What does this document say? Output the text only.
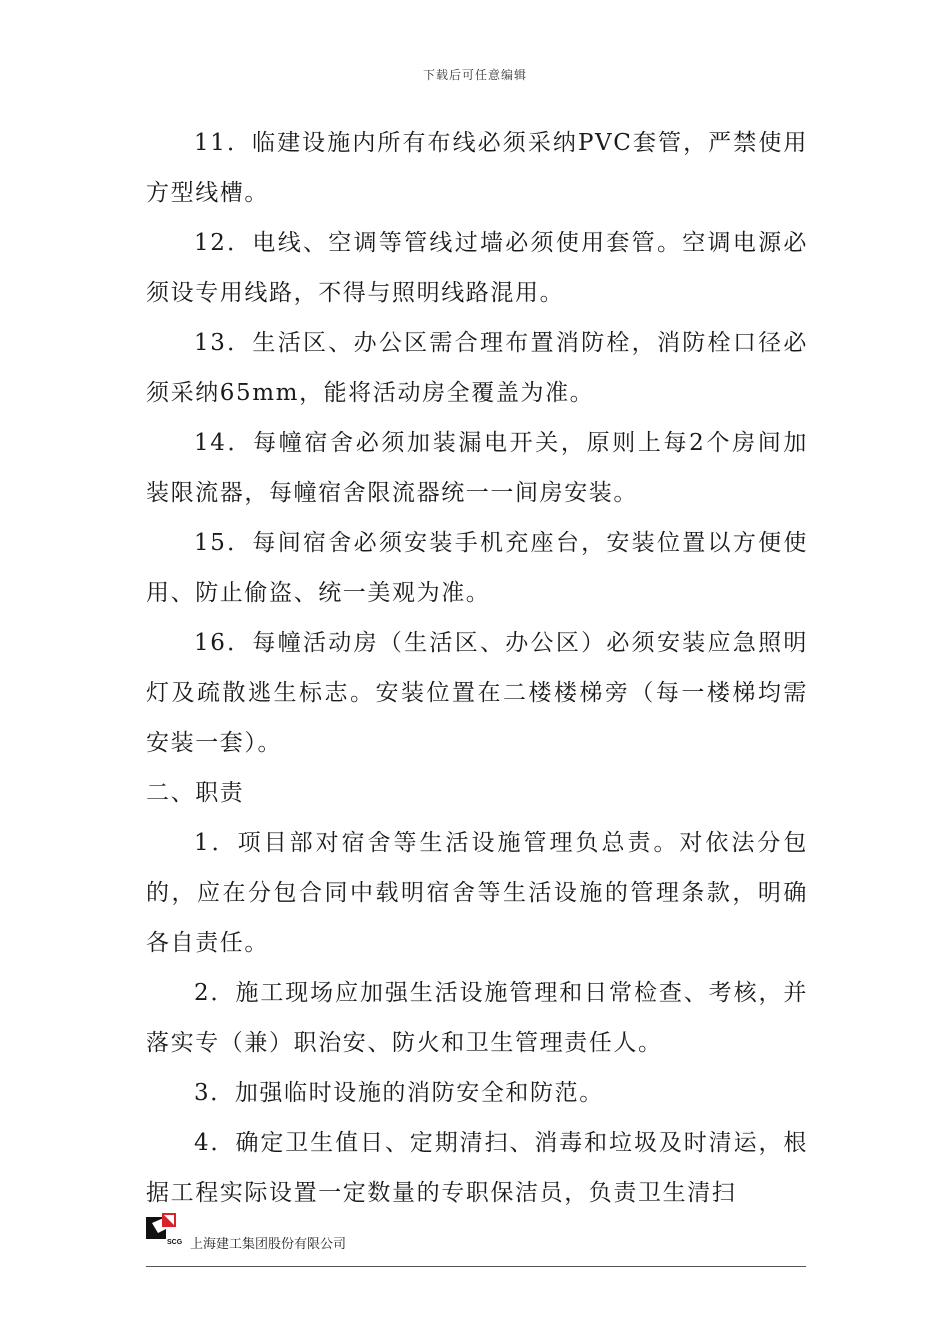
下载后可任意编辑

11．临建设施内所有布线必须采纳PVC套管，严禁使用方型线槽。

12．电线、空调等管线过墙必须使用套管。空调电源必须设专用线路，不得与照明线路混用。

13．生活区、办公区需合理布置消防栓，消防栓口径必须采纳65mm，能将活动房全覆盖为准。

14．每幢宿舍必须加装漏电开关，原则上每2个房间加装限流器，每幢宿舍限流器统一一间房安装。

15．每间宿舍必须安装手机充座台，安装位置以方便使用、防止偷盗、统一美观为准。

16．每幢活动房（生活区、办公区）必须安装应急照明灯及疏散逃生标志。安装位置在二楼楼梯旁（每一楼梯均需安装一套）。

二、职责

1．项目部对宿舍等生活设施管理负总责。对依法分包的，应在分包合同中载明宿舍等生活设施的管理条款，明确各自责任。

2．施工现场应加强生活设施管理和日常检查、考核，并落实专（兼）职治安、防火和卫生管理责任人。

3．加强临时设施的消防安全和防范。

4．确定卫生值日、定期清扫、消毒和垃圾及时清运，根据工程实际设置一定数量的专职保洁员，负责卫生清扫

SCG 上海建工集团股份有限公司
